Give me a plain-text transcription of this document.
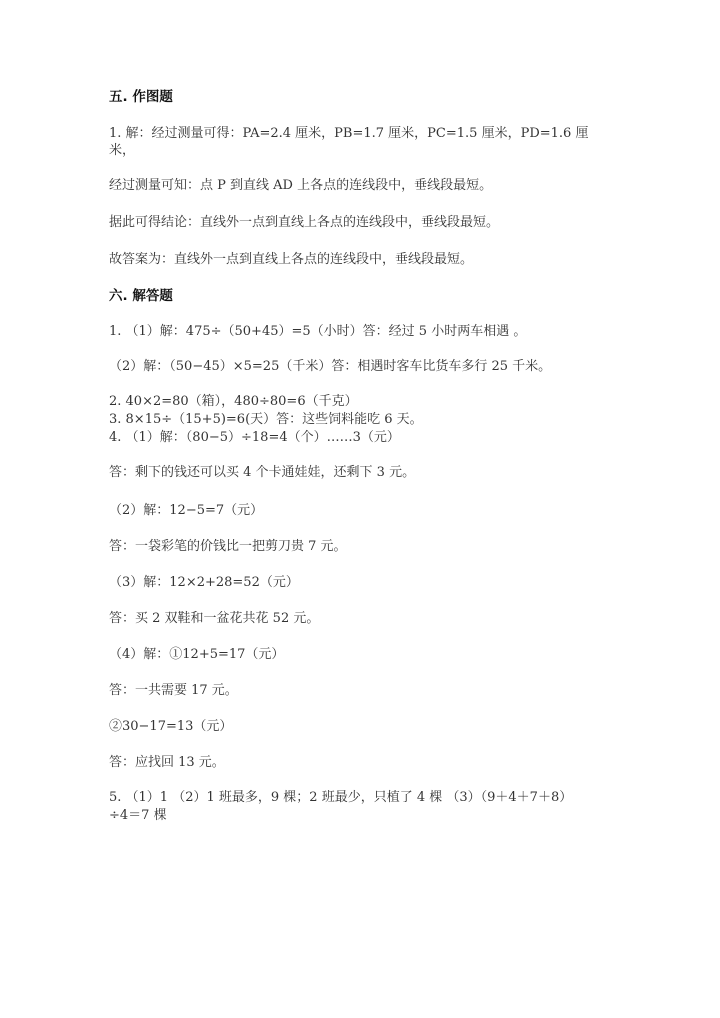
五. 作图题
1. 解：经过测量可得：PA=2.4 厘米，PB=1.7 厘米，PC=1.5 厘米，PD=1.6 厘
米，
经过测量可知：点 P 到直线 AD 上各点的连线段中，垂线段最短。
据此可得结论：直线外一点到直线上各点的连线段中，垂线段最短。
故答案为：直线外一点到直线上各点的连线段中，垂线段最短。
六. 解答题
1. （1）解：475÷（50+45）=5（小时）答：经过 5 小时两车相遇 。
（2）解：（50−45）×5=25（千米）答：相遇时客车比货车多行 25 千米。
2. 40×2=80（箱），480÷80=6（千克）
3. 8×15÷（15+5)=6(天）答：这些饲料能吃 6 天。
4. （1）解：（80−5）÷18=4（个）……3（元）
答：剩下的钱还可以买 4 个卡通娃娃，还剩下 3 元。
（2）解：12−5=7（元）
答：一袋彩笔的价钱比一把剪刀贵 7 元。
（3）解：12×2+28=52（元）
答：买 2 双鞋和一盆花共花 52 元。
（4）解：①12+5=17（元）
答：一共需要 17 元。
②30−17=13（元）
答：应找回 13 元。
5. （1）1 （2）1 班最多，9 棵；2 班最少，只植了 4 棵 （3）（9＋4＋7＋8）
÷4＝7 棵
